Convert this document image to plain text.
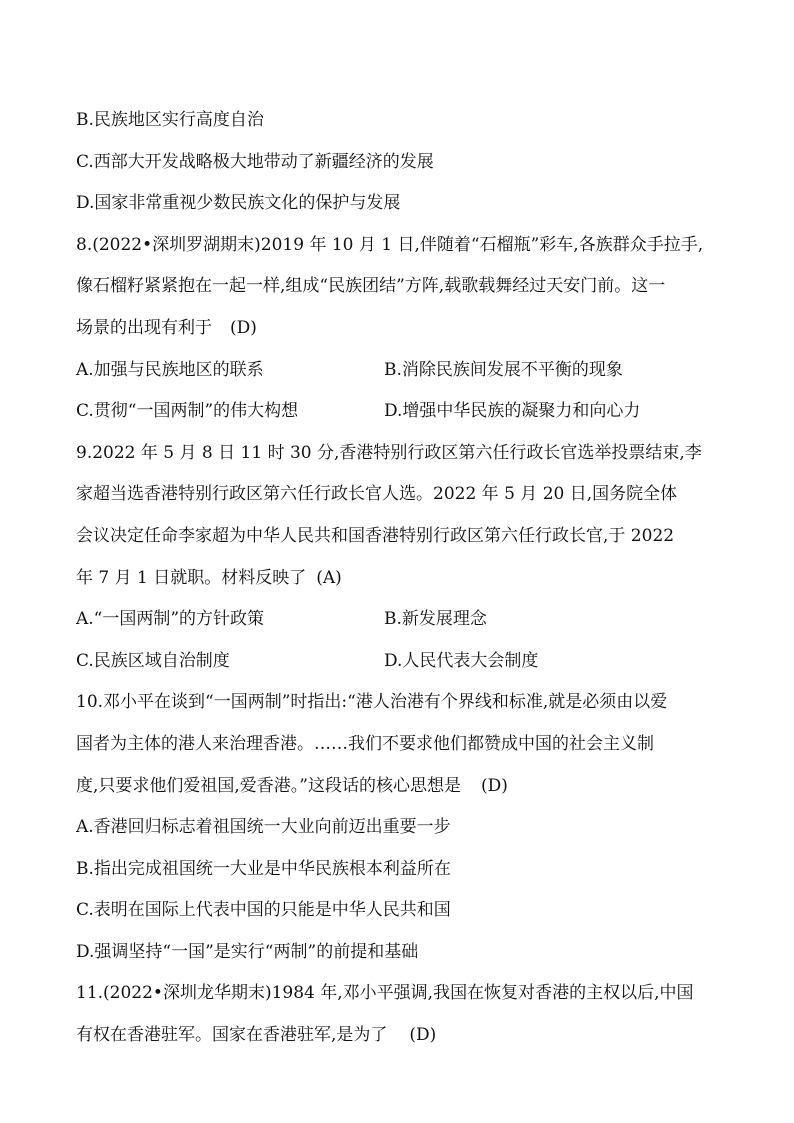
B.民族地区实行高度自治
C.西部大开发战略极大地带动了新疆经济的发展
D.国家非常重视少数民族文化的保护与发展
8.(2022•深圳罗湖期末)2019 年 10 月 1 日,伴随着“石榴瓶”彩车,各族群众手拉手,
像石榴籽紧紧抱在一起一样,组成“民族团结”方阵,载歌载舞经过天安门前。这一
场景的出现有利于 (D)
A.加强与民族地区的联系	B.消除民族间发展不平衡的现象
C.贯彻“一国两制”的伟大构想	D.增强中华民族的凝聚力和向心力
9.2022 年 5 月 8 日 11 时 30 分,香港特别行政区第六任行政长官选举投票结束,李
家超当选香港特别行政区第六任行政长官人选。2022 年 5 月 20 日,国务院全体
会议决定任命李家超为中华人民共和国香港特别行政区第六任行政长官,于 2022
年 7 月 1 日就职。材料反映了 (A)
A.“一国两制”的方针政策	B.新发展理念
C.民族区域自治制度	D.人民代表大会制度
10.邓小平在谈到“一国两制”时指出:“港人治港有个界线和标准,就是必须由以爱
国者为主体的港人来治理香港。……我们不要求他们都赞成中国的社会主义制
度,只要求他们爱祖国,爱香港。”这段话的核心思想是 (D)
A.香港回归标志着祖国统一大业向前迈出重要一步
B.指出完成祖国统一大业是中华民族根本利益所在
C.表明在国际上代表中国的只能是中华人民共和国
D.强调坚持“一国”是实行“两制”的前提和基础
11.(2022•深圳龙华期末)1984 年,邓小平强调,我国在恢复对香港的主权以后,中国
有权在香港驻军。国家在香港驻军,是为了 (D)
